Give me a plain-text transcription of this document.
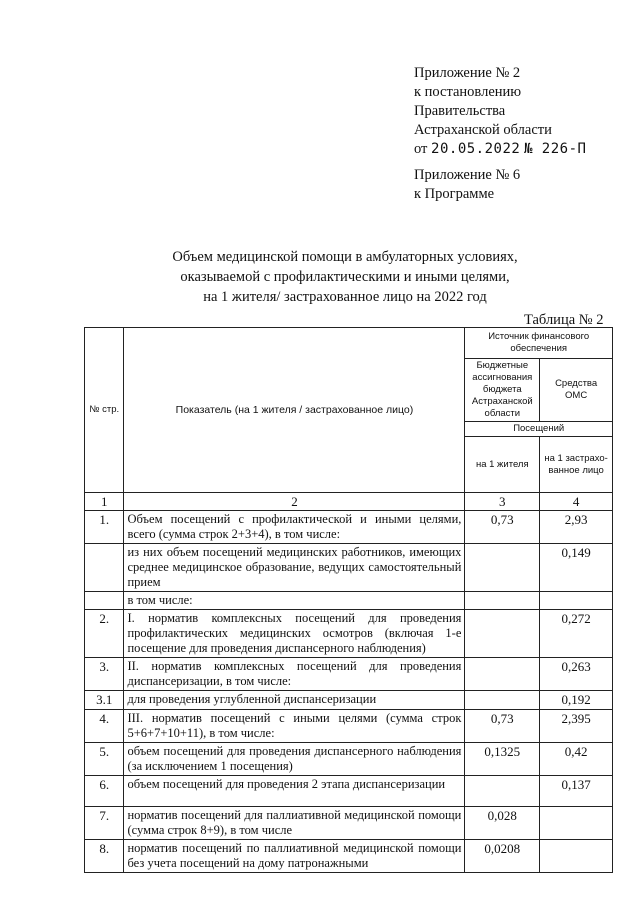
Приложение № 2
к постановлению
Правительства
Астраханской области
от 20.05.2022 № 226-П
Приложение № 6
к Программе
Объем медицинской помощи в амбулаторных условиях,
оказываемой с профилактическими и иными целями,
на 1 жителя/ застрахованное лицо на 2022 год
Таблица № 2
№ стр.	Показатель (на 1 жителя / застрахованное лицо)	Источник финансового обеспечения	
		Бюджетные ассигнования бюджета Астраханской области	Средства ОМС
		Посещений	
		на 1 жителя	на 1 застрахо-ванное лицо
1	2	3	4
1.	Объем посещений с профилактической и иными целями, всего (сумма строк 2+3+4), в том числе:	0,73	2,93
	из них объем посещений медицинских работников, имеющих среднее медицинское образование, ведущих самостоятельный прием		0,149
	в том числе:		
2.	I. норматив комплексных посещений для проведения профилактических медицинских осмотров (включая 1-е посещение для проведения диспансерного наблюдения)		0,272
3.	II. норматив комплексных посещений для проведения диспансеризации, в том числе:		0,263
3.1	для проведения углубленной диспансеризации		0,192
4.	III. норматив посещений с иными целями (сумма строк 5+6+7+10+11), в том числе:	0,73	2,395
5.	объем посещений для проведения диспансерного наблюдения (за исключением 1 посещения)	0,1325	0,42
6.	объем посещений для проведения 2 этапа диспансеризации		0,137
7.	норматив посещений для паллиативной медицинской помощи (сумма строк 8+9), в том числе	0,028	
8.	норматив посещений по паллиативной медицинской помощи без учета посещений на дому патронажными	0,0208	
